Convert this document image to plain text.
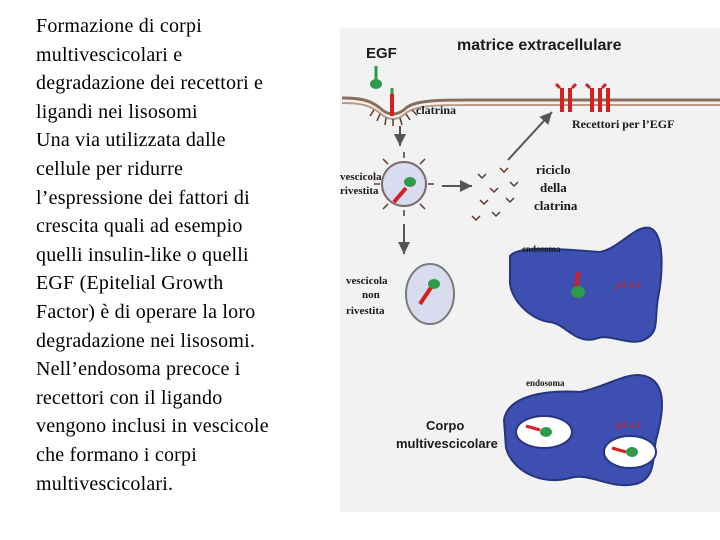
Formazione di corpi
multivescicolari e
degradazione dei recettori e
ligandi nei lisosomi
Una via utilizzata dalle
cellule per ridurre
l’espressione dei fattori di
crescita quali ad esempio
quelli insulin-like o quelli
EGF (Epitelial Growth
Factor) è di operare la loro
degradazione nei lisosomi.
Nell’endosoma precoce i
recettori con il ligando
vengono inclusi in vescicole
che formano i corpi
multivescicolari.
EGF	matrice extracellulare
clatrina
Recettori per l’EGF
vescicola
rivestita
riciclo
della
clatrina
vescicola
non
rivestita
endosoma
pH 6.4
endosoma
Corpo
multivescicolare
pH 6.4
